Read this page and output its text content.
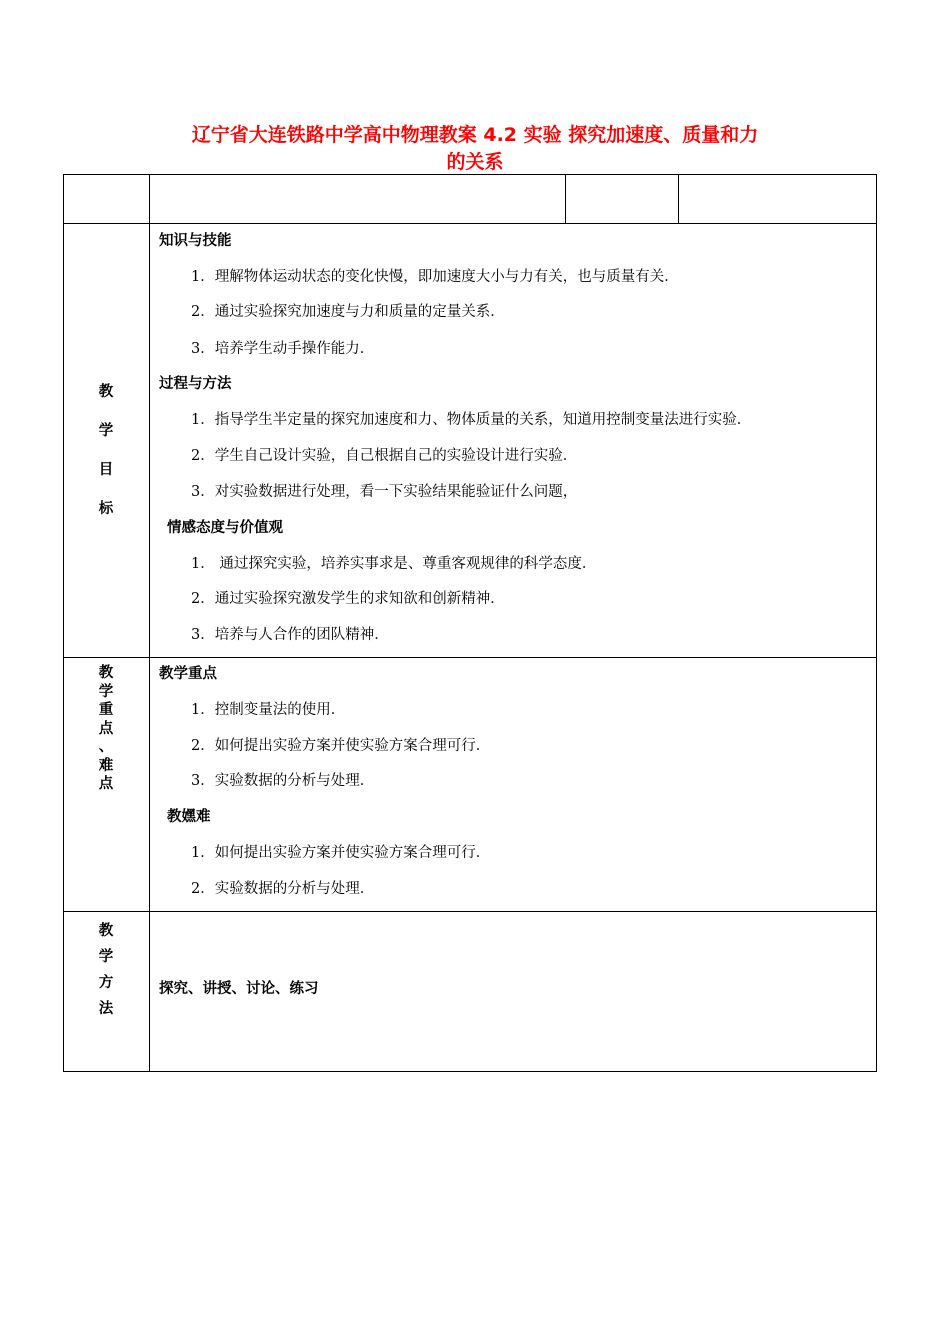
辽宁省大连铁路中学高中物理教案 4.2 实验 探究加速度、质量和力
的关系
教
学
目
标
知识与技能
1．理解物体运动状态的变化快慢，即加速度大小与力有关，也与质量有关．
2．通过实验探究加速度与力和质量的定量关系．
3．培养学生动手操作能力．
过程与方法
1．指导学生半定量的探究加速度和力、物体质量的关系，知道用控制变量法进行实验．
2．学生自己设计实验，自己根据自己的实验设计进行实验．
3．对实验数据进行处理，看一下实验结果能验证什么问题，
情感态度与价值观
1． 通过探究实验，培养实事求是、尊重客观规律的科学态度．
2．通过实验探究激发学生的求知欲和创新精神．
3．培养与人合作的团队精神．
教
学
重
点
、
难
点
教学重点
1．控制变量法的使用．
2．如何提出实验方案并使实验方案合理可行．
3．实验数据的分析与处理．
教嫼难
1．如何提出实验方案并使实验方案合理可行．
2．实验数据的分析与处理．
教
学
方
法
探究、讲授、讨论、练习
